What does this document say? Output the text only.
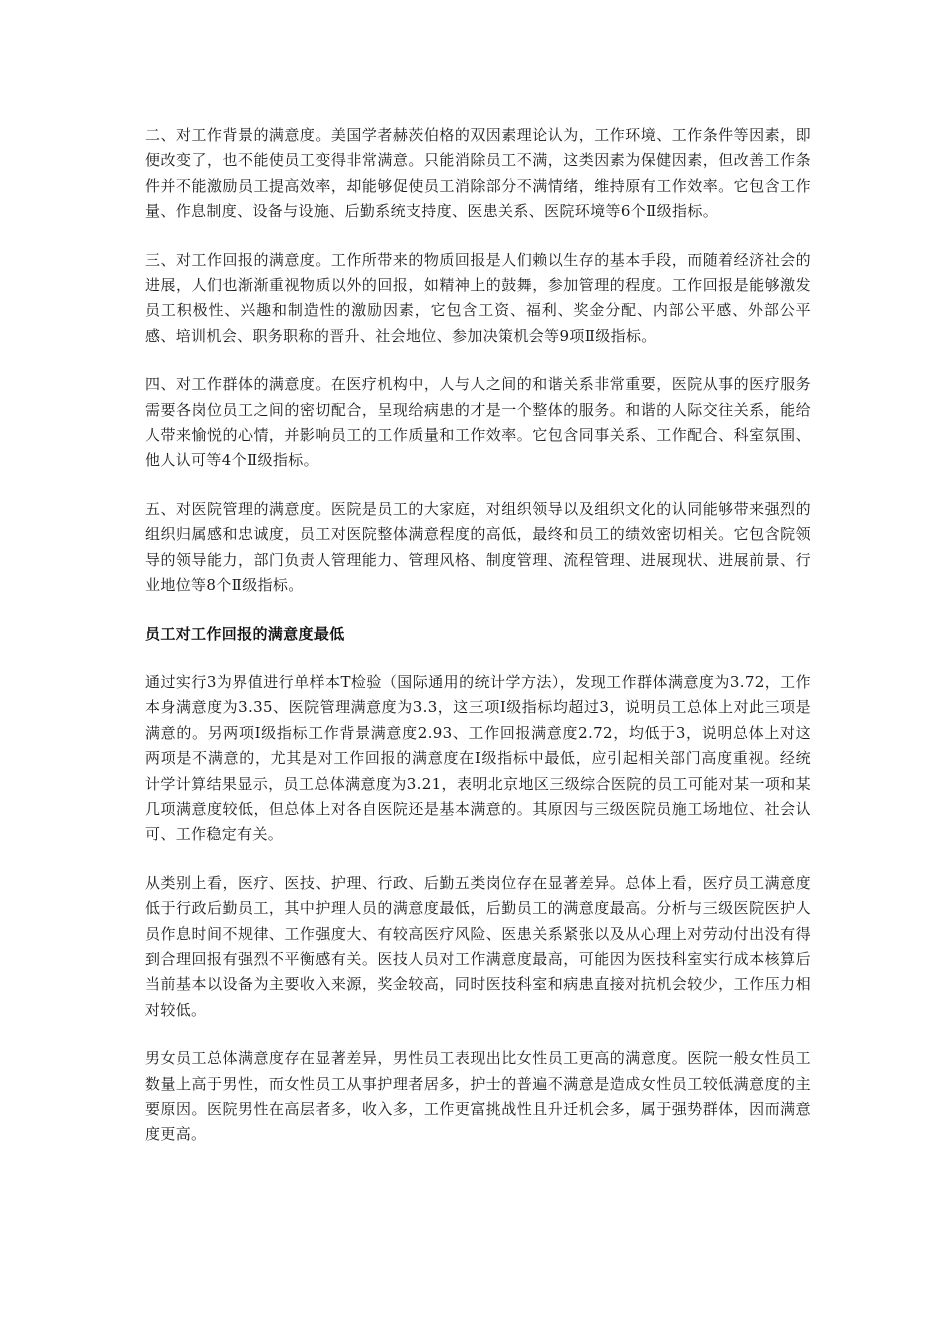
二、对工作背景的满意度。美国学者赫茨伯格的双因素理论认为，工作环境、工作条件等因素，即便改变了，也不能使员工变得非常满意。只能消除员工不满，这类因素为保健因素，但改善工作条件并不能激励员工提高效率，却能够促使员工消除部分不满情绪，维持原有工作效率。它包含工作量、作息制度、设备与设施、后勤系统支持度、医患关系、医院环境等6个Ⅱ级指标。

三、对工作回报的满意度。工作所带来的物质回报是人们赖以生存的基本手段，而随着经济社会的进展，人们也渐渐重视物质以外的回报，如精神上的鼓舞，参加管理的程度。工作回报是能够激发员工积极性、兴趣和制造性的激励因素，它包含工资、福利、奖金分配、内部公平感、外部公平感、培训机会、职务职称的晋升、社会地位、参加决策机会等9项Ⅱ级指标。

四、对工作群体的满意度。在医疗机构中，人与人之间的和谐关系非常重要，医院从事的医疗服务需要各岗位员工之间的密切配合，呈现给病患的才是一个整体的服务。和谐的人际交往关系，能给人带来愉悦的心情，并影响员工的工作质量和工作效率。它包含同事关系、工作配合、科室氛围、他人认可等4个Ⅱ级指标。

五、对医院管理的满意度。医院是员工的大家庭，对组织领导以及组织文化的认同能够带来强烈的组织归属感和忠诚度，员工对医院整体满意程度的高低，最终和员工的绩效密切相关。它包含院领导的领导能力，部门负责人管理能力、管理风格、制度管理、流程管理、进展现状、进展前景、行业地位等8个Ⅱ级指标。

员工对工作回报的满意度最低

通过实行3为界值进行单样本T检验（国际通用的统计学方法），发现工作群体满意度为3.72，工作本身满意度为3.35、医院管理满意度为3.3，这三项Ⅰ级指标均超过3，说明员工总体上对此三项是满意的。另两项Ⅰ级指标工作背景满意度2.93、工作回报满意度2.72，均低于3，说明总体上对这两项是不满意的，尤其是对工作回报的满意度在Ⅰ级指标中最低，应引起相关部门高度重视。经统计学计算结果显示，员工总体满意度为3.21，表明北京地区三级综合医院的员工可能对某一项和某几项满意度较低，但总体上对各自医院还是基本满意的。其原因与三级医院员施工场地位、社会认可、工作稳定有关。

从类别上看，医疗、医技、护理、行政、后勤五类岗位存在显著差异。总体上看，医疗员工满意度低于行政后勤员工，其中护理人员的满意度最低，后勤员工的满意度最高。分析与三级医院医护人员作息时间不规律、工作强度大、有较高医疗风险、医患关系紧张以及从心理上对劳动付出没有得到合理回报有强烈不平衡感有关。医技人员对工作满意度最高，可能因为医技科室实行成本核算后当前基本以设备为主要收入来源，奖金较高，同时医技科室和病患直接对抗机会较少，工作压力相对较低。

男女员工总体满意度存在显著差异，男性员工表现出比女性员工更高的满意度。医院一般女性员工数量上高于男性，而女性员工从事护理者居多，护士的普遍不满意是造成女性员工较低满意度的主要原因。医院男性在高层者多，收入多，工作更富挑战性且升迁机会多，属于强势群体，因而满意度更高。
